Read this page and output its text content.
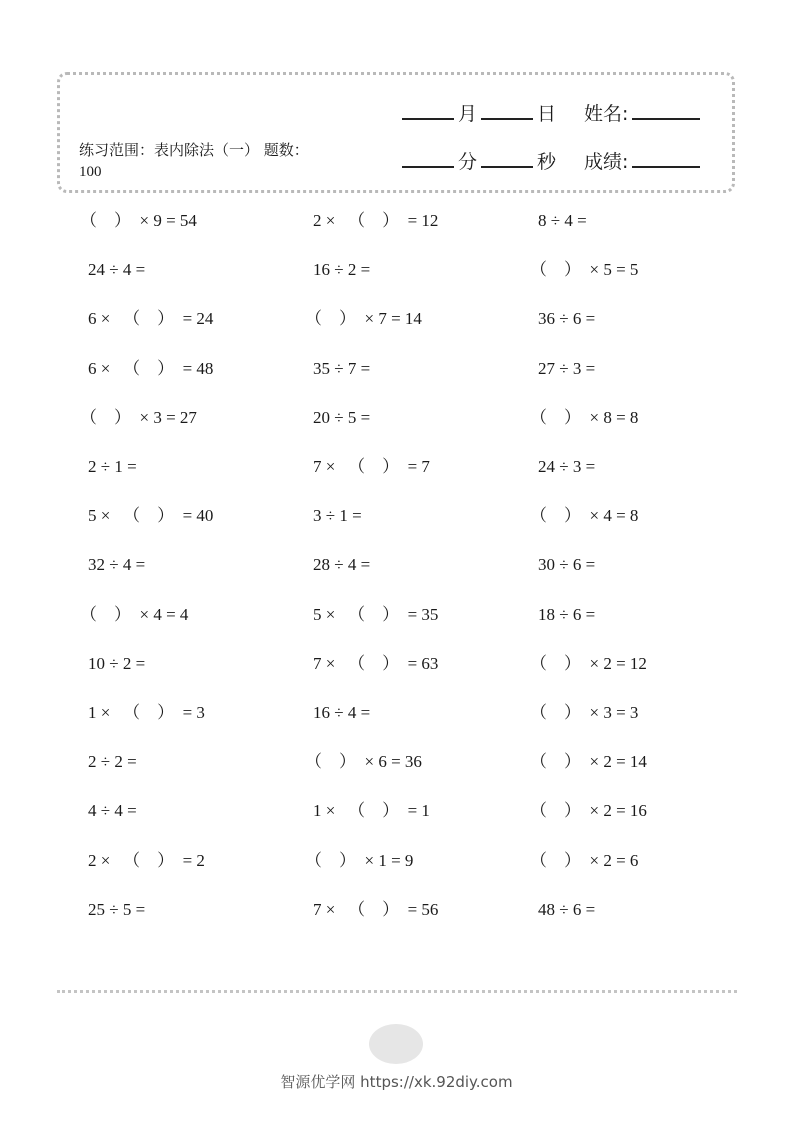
月	日 姓名:
分	秒 成绩:
练习范围：表内除法（一） 题数：100
（    ）  × 9 = 54	2 ×   （    ）  = 12	8 ÷ 4 =
24 ÷ 4 =	16 ÷ 2 =	（    ）  × 5 = 5
6 ×   （    ）  = 24	（    ）  × 7 = 14	36 ÷ 6 =
6 ×   （    ）  = 48	35 ÷ 7 =	27 ÷ 3 =
（    ）  × 3 = 27	20 ÷ 5 =	（    ）  × 8 = 8
2 ÷ 1 =	7 ×   （    ）  = 7	24 ÷ 3 =
5 ×   （    ）  = 40	3 ÷ 1 =	（    ）  × 4 = 8
32 ÷ 4 =	28 ÷ 4 =	30 ÷ 6 =
（    ）  × 4 = 4	5 ×   （    ）  = 35	18 ÷ 6 =
10 ÷ 2 =	7 ×   （    ）  = 63	（    ）  × 2 = 12
1 ×   （    ）  = 3	16 ÷ 4 =	（    ）  × 3 = 3
2 ÷ 2 =	（    ）  × 6 = 36	（    ）  × 2 = 14
4 ÷ 4 =	1 ×   （    ）  = 1	（    ）  × 2 = 16
2 ×   （    ）  = 2	（    ）  × 1 = 9	（    ）  × 2 = 6
25 ÷ 5 =	7 ×   （    ）  = 56	48 ÷ 6 =
智源优学网 https://xk.92diy.com
